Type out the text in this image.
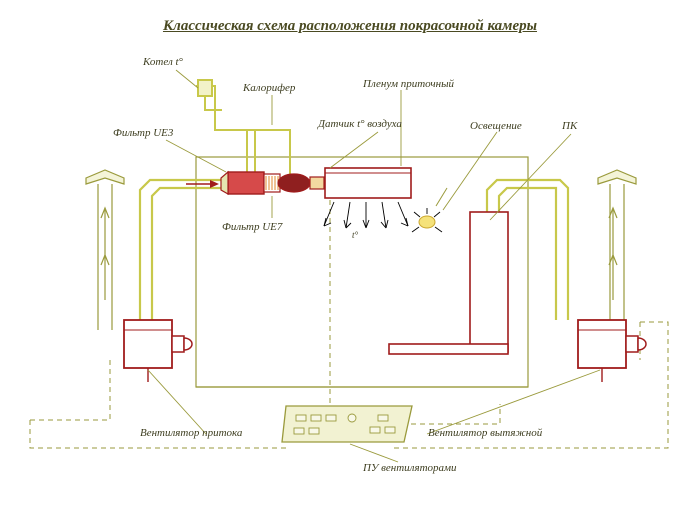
Классическая схема расположения покрасочной камеры
Котел t°
Калорифер
Фильтр UE3
Фильтр UE7
Пленум приточный
Датчик t° воздуха	Освещение	ПК
Вентилятор притока	Вентилятор вытяжной
ПУ вентиляторами
t°
